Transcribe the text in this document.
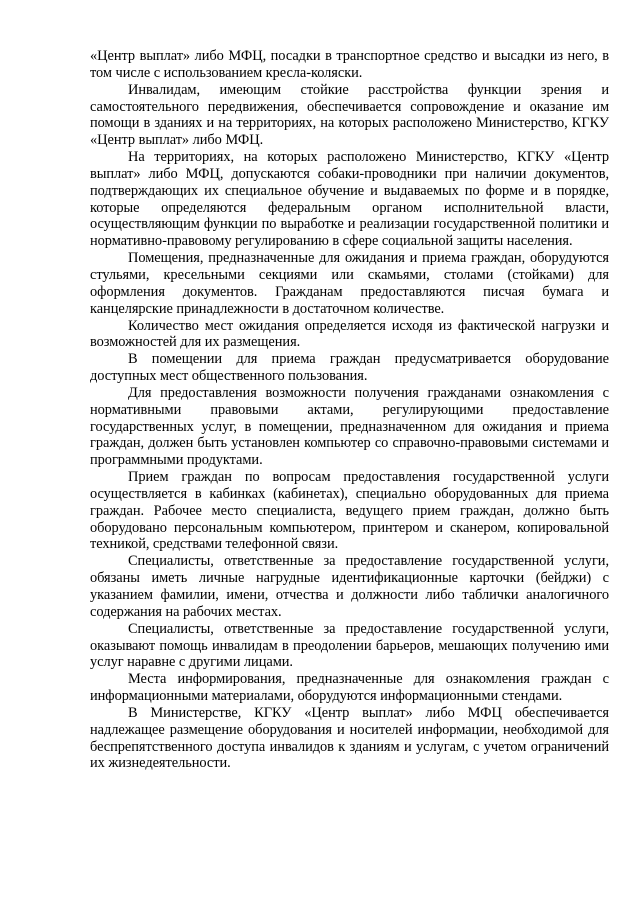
«Центр выплат» либо МФЦ, посадки в транспортное средство и высадки из него, в том числе с использованием кресла-коляски.

Инвалидам, имеющим стойкие расстройства функции зрения и самостоятельного передвижения, обеспечивается сопровождение и оказание им помощи в зданиях и на территориях, на которых расположено Министерство, КГКУ «Центр выплат» либо МФЦ.

На территориях, на которых расположено Министерство, КГКУ «Центр выплат» либо МФЦ, допускаются собаки-проводники при наличии документов, подтверждающих их специальное обучение и выдаваемых по форме и в порядке, которые определяются федеральным органом исполнительной власти, осуществляющим функции по выработке и реализации государственной политики и нормативно-правовому регулированию в сфере социальной защиты населения.

Помещения, предназначенные для ожидания и приема граждан, оборудуются стульями, кресельными секциями или скамьями, столами (стойками) для оформления документов. Гражданам предоставляются писчая бумага и канцелярские принадлежности в достаточном количестве.

Количество мест ожидания определяется исходя из фактической нагрузки и возможностей для их размещения.

В помещении для приема граждан предусматривается оборудование доступных мест общественного пользования.

Для предоставления возможности получения гражданами ознакомления с нормативными правовыми актами, регулирующими предоставление государственных услуг, в помещении, предназначенном для ожидания и приема граждан, должен быть установлен компьютер со справочно-правовыми системами и программными продуктами.

Прием граждан по вопросам предоставления государственной услуги осуществляется в кабинках (кабинетах), специально оборудованных для приема граждан. Рабочее место специалиста, ведущего прием граждан, должно быть оборудовано персональным компьютером, принтером и сканером, копировальной техникой, средствами телефонной связи.

Специалисты, ответственные за предоставление государственной услуги, обязаны иметь личные нагрудные идентификационные карточки (бейджи) с указанием фамилии, имени, отчества и должности либо таблички аналогичного содержания на рабочих местах.

Специалисты, ответственные за предоставление государственной услуги, оказывают помощь инвалидам в преодолении барьеров, мешающих получению ими услуг наравне с другими лицами.

Места информирования, предназначенные для ознакомления граждан с информационными материалами, оборудуются информационными стендами.

В Министерстве, КГКУ «Центр выплат» либо МФЦ обеспечивается надлежащее размещение оборудования и носителей информации, необходимой для беспрепятственного доступа инвалидов к зданиям и услугам, с учетом ограничений их жизнедеятельности.
